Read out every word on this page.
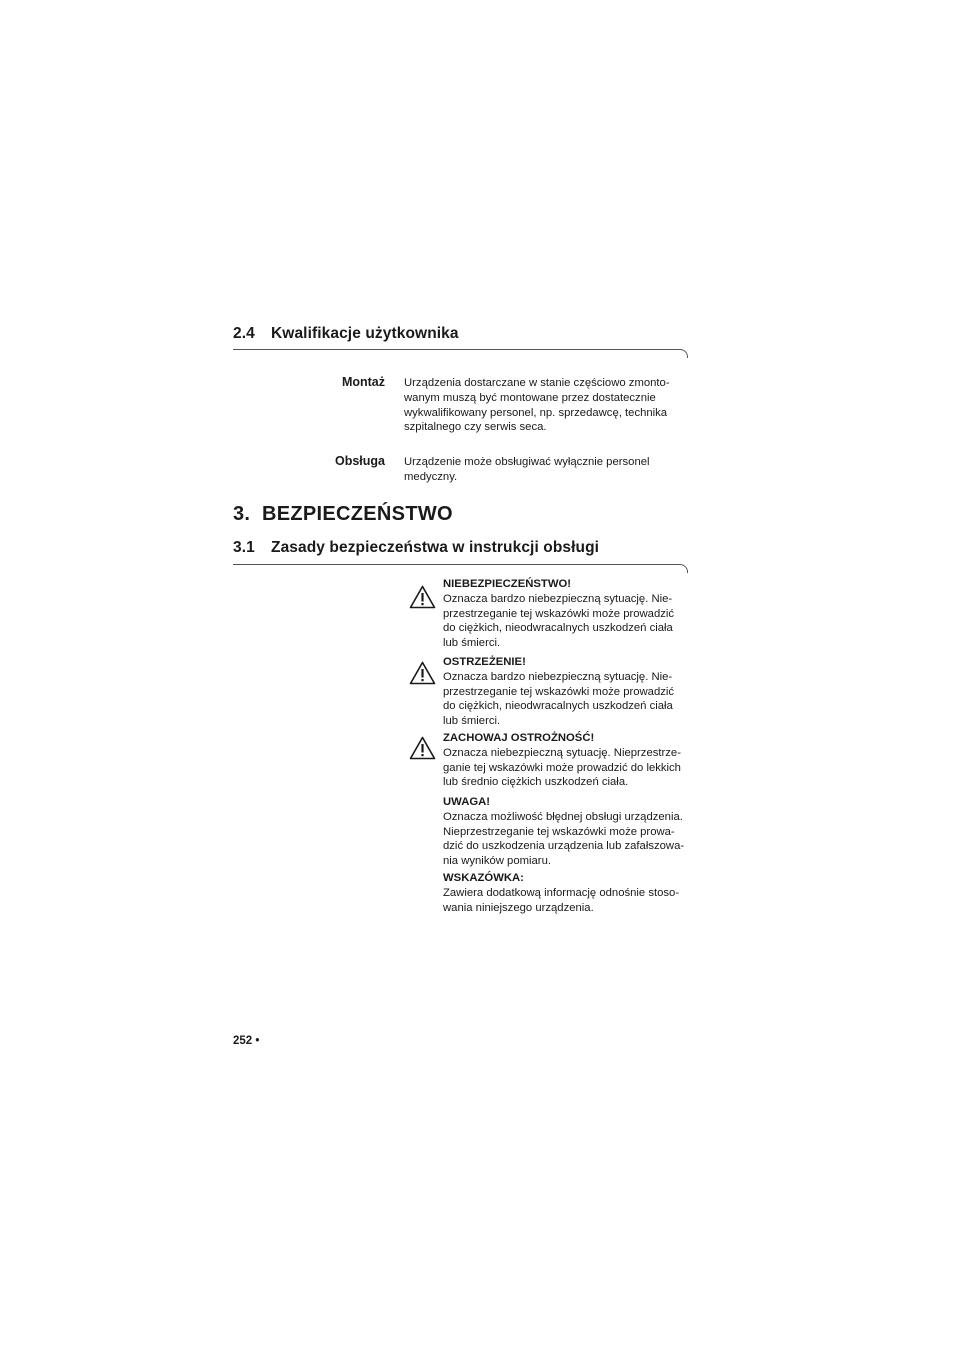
2.4 Kwalifikacje użytkownika
Montaż Urządzenia dostarczane w stanie częściowo zmonto-
wanym muszą być montowane przez dostatecznie
wykwalifikowany personel, np. sprzedawcę, technika
szpitalnego czy serwis seca.
Obsługa Urządzenie może obsługiwać wyłącznie personel
medyczny.
3. BEZPIECZEŃSTWO
3.1 Zasady bezpieczeństwa w instrukcji obsługi
NIEBEZPIECZEŃSTWO!
Oznacza bardzo niebezpieczną sytuację. Nie-
przestrzeganie tej wskazówki może prowadzić
do ciężkich, nieodwracalnych uszkodzeń ciała
lub śmierci.
OSTRZEŻENIE!
Oznacza bardzo niebezpieczną sytuację. Nie-
przestrzeganie tej wskazówki może prowadzić
do ciężkich, nieodwracalnych uszkodzeń ciała
lub śmierci.
ZACHOWAJ OSTROŻNOŚĆ!
Oznacza niebezpieczną sytuację. Nieprzestrze-
ganie tej wskazówki może prowadzić do lekkich
lub średnio ciężkich uszkodzeń ciała.
UWAGA!
Oznacza możliwość błędnej obsługi urządzenia.
Nieprzestrzeganie tej wskazówki może prowa-
dzić do uszkodzenia urządzenia lub zafałszowa-
nia wyników pomiaru.
WSKAZÓWKA:
Zawiera dodatkową informację odnośnie stoso-
wania niniejszego urządzenia.
252 •
